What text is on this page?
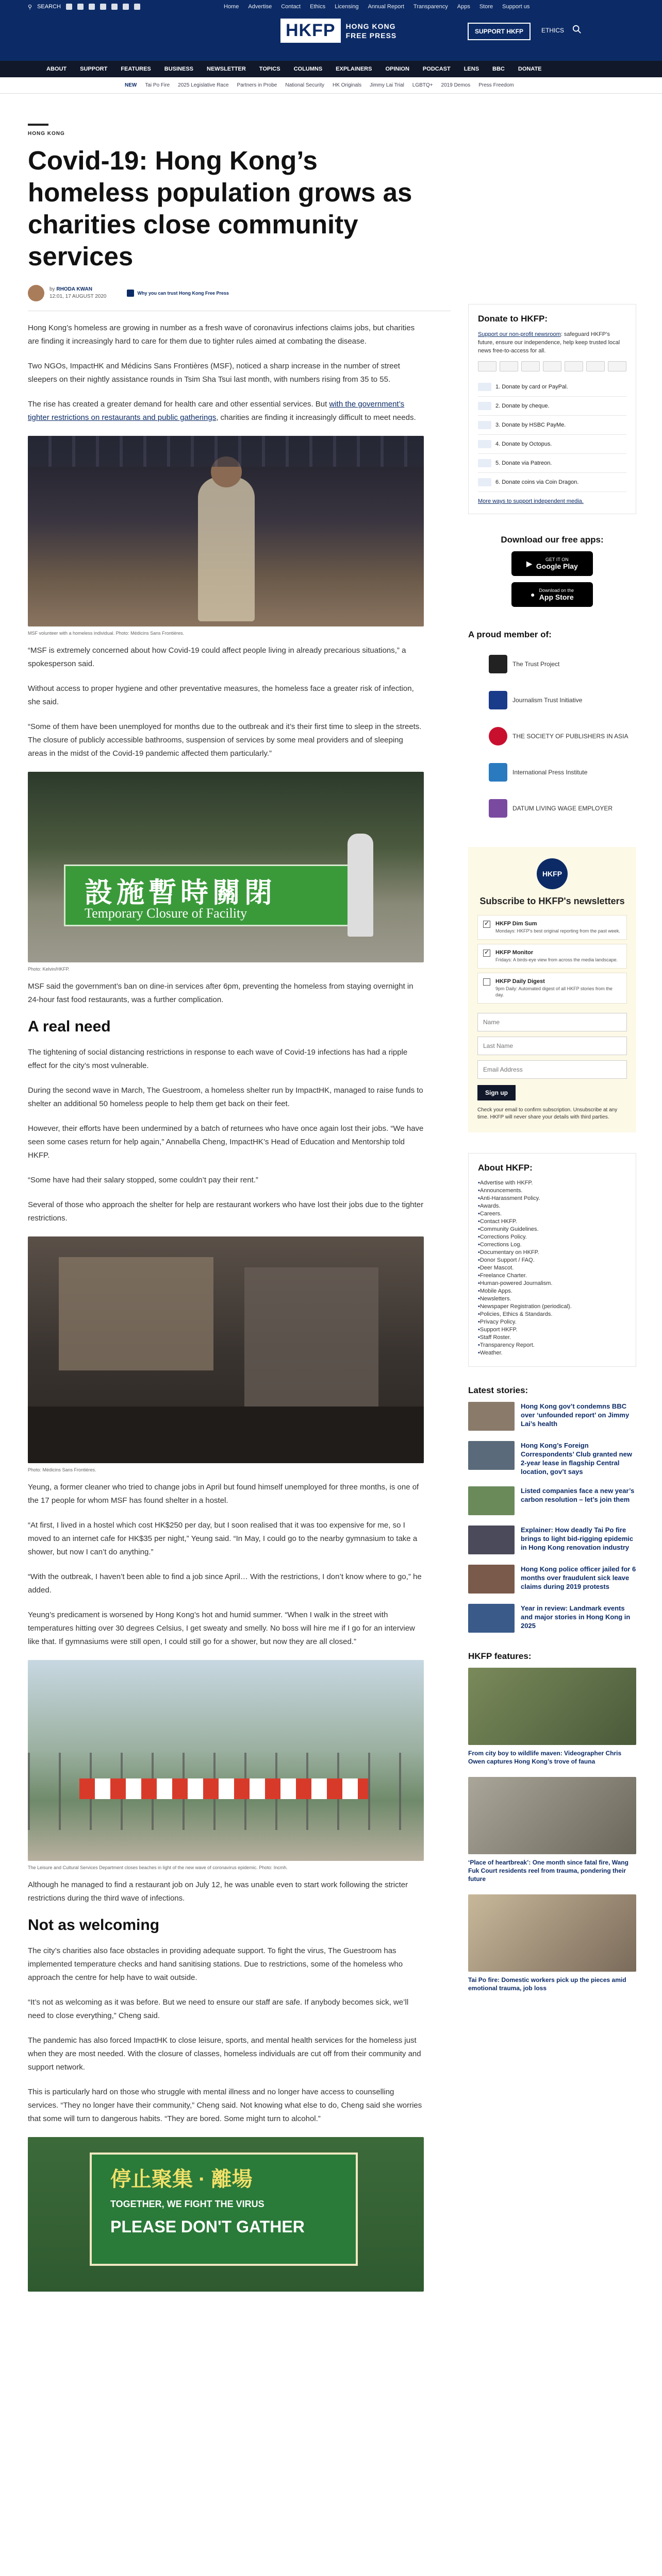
⚲ SEARCH	Home Advertise Contact Ethics Licensing Annual Report Transparency Apps Store Support us
HKFP	HONG KONG
FREE PRESS	SUPPORT HKFP	ETHICS
ABOUT SUPPORT FEATURES BUSINESS NEWSLETTER TOPICS COLUMNS EXPLAINERS OPINION PODCAST LENS BBC DONATE
NEW Tai Po Fire 2025 Legislative Race Partners in Probe National Security HK Originals Jimmy Lai Trial LGBTQ+ 2019 Demos Press Freedom
HONG KONG
Covid-19: Hong Kong’s homeless population grows as charities close community services
by RHODA KWAN
12:01, 17 AUGUST 2020
Why you can trust Hong Kong Free Press

Hong Kong’s homeless are growing in number as a fresh wave of coronavirus infections claims jobs, but charities are finding it increasingly hard to care for them due to tighter rules aimed at combating the disease.

Two NGOs, ImpactHK and Médicins Sans Frontières (MSF), noticed a sharp increase in the number of street sleepers on their nightly assistance rounds in Tsim Sha Tsui last month, with numbers rising from 35 to 55.

The rise has created a greater demand for health care and other essential services. But with the government’s tighter restrictions on restaurants and public gatherings, charities are finding it increasingly difficult to meet needs.

MSF volunteer with a homeless individual. Photo: Médicins Sans Frontières.

“MSF is extremely concerned about how Covid-19 could affect people living in already precarious situations,” a spokesperson said.

Without access to proper hygiene and other preventative measures, the homeless face a greater risk of infection, she said.

“Some of them have been unemployed for months due to the outbreak and it’s their first time to sleep in the streets. The closure of publicly accessible bathrooms, suspension of services by some meal providers and of sleeping areas in the midst of the Covid-19 pandemic affected them particularly.”

設施暫時關閉
Temporary Closure of Facility
Photo: Kelvin/HKFP.

MSF said the government’s ban on dine-in services after 6pm, preventing the homeless from staying overnight in 24-hour fast food restaurants, was a further complication.

A real need

The tightening of social distancing restrictions in response to each wave of Covid-19 infections has had a ripple effect for the city’s most vulnerable.

During the second wave in March, The Guestroom, a homeless shelter run by ImpactHK, managed to raise funds to shelter an additional 50 homeless people to help them get back on their feet.

However, their efforts have been undermined by a batch of returnees who have once again lost their jobs. “We have seen some cases return for help again,” Annabella Cheng, ImpactHK’s Head of Education and Mentorship told HKFP.

“Some have had their salary stopped, some couldn’t pay their rent.”

Several of those who approach the shelter for help are restaurant workers who have lost their jobs due to the tighter restrictions.

Photo: Médicins Sans Frontières.

Yeung, a former cleaner who tried to change jobs in April but found himself unemployed for three months, is one of the 17 people for whom MSF has found shelter in a hostel.

“At first, I lived in a hostel which cost HK$250 per day, but I soon realised that it was too expensive for me, so I moved to an internet cafe for HK$35 per night,” Yeung said. “In May, I could go to the nearby gymnasium to take a shower, but now I can’t do anything.”

“With the outbreak, I haven’t been able to find a job since April… With the restrictions, I don’t know where to go,” he added.

Yeung’s predicament is worsened by Hong Kong’s hot and humid summer. “When I walk in the street with temperatures hitting over 30 degrees Celsius, I get sweaty and smelly. No boss will hire me if I go for an interview like that. If gymnasiums were still open, I could still go for a shower, but now they are all closed.”

The Leisure and Cultural Services Department closes beaches in light of the new wave of coronavirus epidemic. Photo: Incmh.

Although he managed to find a restaurant job on July 12, he was unable even to start work following the stricter restrictions during the third wave of infections.

Not as welcoming

The city’s charities also face obstacles in providing adequate support. To fight the virus, The Guestroom has implemented temperature checks and hand sanitising stations. Due to restrictions, some of the homeless who approach the centre for help have to wait outside.

“It’s not as welcoming as it was before. But we need to ensure our staff are safe. If anybody becomes sick, we’ll need to close everything,” Cheng said.

The pandemic has also forced ImpactHK to close leisure, sports, and mental health services for the homeless just when they are most needed. With the closure of classes, homeless individuals are cut off from their community and support network.

This is particularly hard on those who struggle with mental illness and no longer have access to counselling services. “They no longer have their community,” Cheng said. Not knowing what else to do, Cheng said she worries that some will turn to dangerous habits. “They are bored. Some might turn to alcohol.”

停止聚集 · 離場
TOGETHER, WE FIGHT THE VIRUS
PLEASE DON'T GATHER
Donate to HKFP:
Support our non-profit newsroom: safeguard HKFP’s future, ensure our independence, help keep trusted local news free-to-access for all.
1. Donate by card or PayPal.
2. Donate by cheque.
3. Donate by HSBC PayMe.
4. Donate by Octopus.
5. Donate via Patreon.
6. Donate coins via Coin Dragon.
More ways to support independent media.
Download our free apps:
▶	GET IT ON
Google Play
● Download on the
App Store
A proud member of:
The Trust Project
Journalism Trust Initiative
THE SOCIETY OF PUBLISHERS IN ASIA
International Press Institute
DATUM LIVING WAGE EMPLOYER
HKFP
Subscribe to HKFP's newsletters
✓
HKFP Dim Sum
Mondays: HKFP's best original reporting from the past week.
✓
HKFP Monitor
Fridays: A birds-eye view from across the media landscape.
HKFP Daily Digest
9pm Daily: Automated digest of all HKFP stories from the day.
Name Last Name Email Address Sign up
Check your email to confirm subscription. Unsubscribe at any time. HKFP will never share your details with third parties.
About HKFP:
• Advertise with HKFP.
• Announcements.
• Anti-Harassment Policy.
• Awards.
• Careers.
• Contact HKFP.
• Community Guidelines.
• Corrections Policy.
• Corrections Log.
• Documentary on HKFP.
• Donor Support / FAQ.
• Deer Mascot.
• Freelance Charter.
• Human-powered Journalism.
• Mobile Apps.
• Newsletters.
• Newspaper Registration (periodical).
• Policies, Ethics & Standards.
• Privacy Policy.
• Support HKFP.
• Staff Roster.
• Transparency Report.
• Weather.
Latest stories:
Hong Kong gov’t condemns BBC over ‘unfounded report’ on Jimmy Lai’s health
Hong Kong’s Foreign Correspondents’ Club granted new 2-year lease in flagship Central location, gov’t says
Listed companies face a new year’s carbon resolution – let’s join them
Explainer: How deadly Tai Po fire brings to light bid-rigging epidemic in Hong Kong renovation industry
Hong Kong police officer jailed for 6 months over fraudulent sick leave claims during 2019 protests
Year in review: Landmark events and major stories in Hong Kong in 2025
HKFP features:
From city boy to wildlife maven: Videographer Chris Owen captures Hong Kong’s trove of fauna
‘Place of heartbreak’: One month since fatal fire, Wang Fuk Court residents reel from trauma, pondering their future
Tai Po fire: Domestic workers pick up the pieces amid emotional trauma, job loss
